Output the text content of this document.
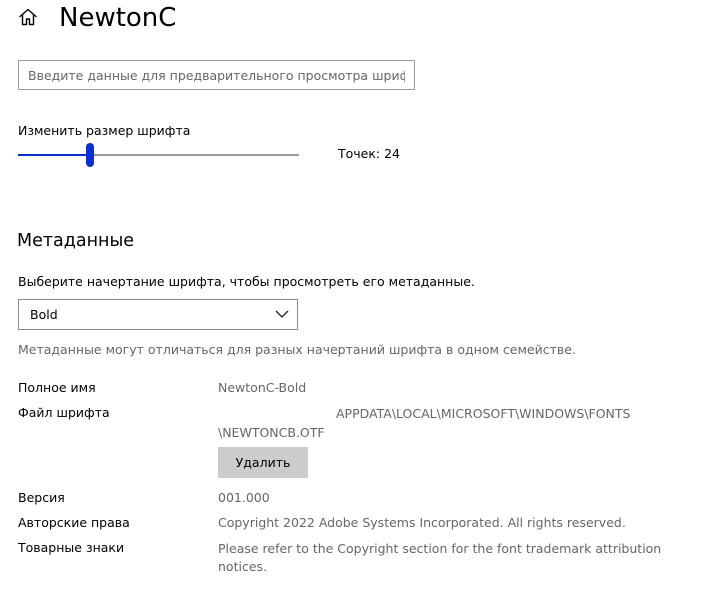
NewtonC
Введите данные для предварительного просмотра шрифтов
Изменить размер шрифта
Точек: 24
Метаданные
Выберите начертание шрифта, чтобы просмотреть его метаданные.
Bold
Метаданные могут отличаться для разных начертаний шрифта в одном семействе.
Полное имя	NewtonC-Bold
Файл шрифта	APPDATA\LOCAL\MICROSOFT\WINDOWS\FONTS
\NEWTONCB.OTF
Удалить
Версия	001.000
Авторские права	Copyright 2022 Adobe Systems Incorporated. All rights reserved.
Товарные знаки	Please refer to the Copyright section for the font trademark attribution notices.
